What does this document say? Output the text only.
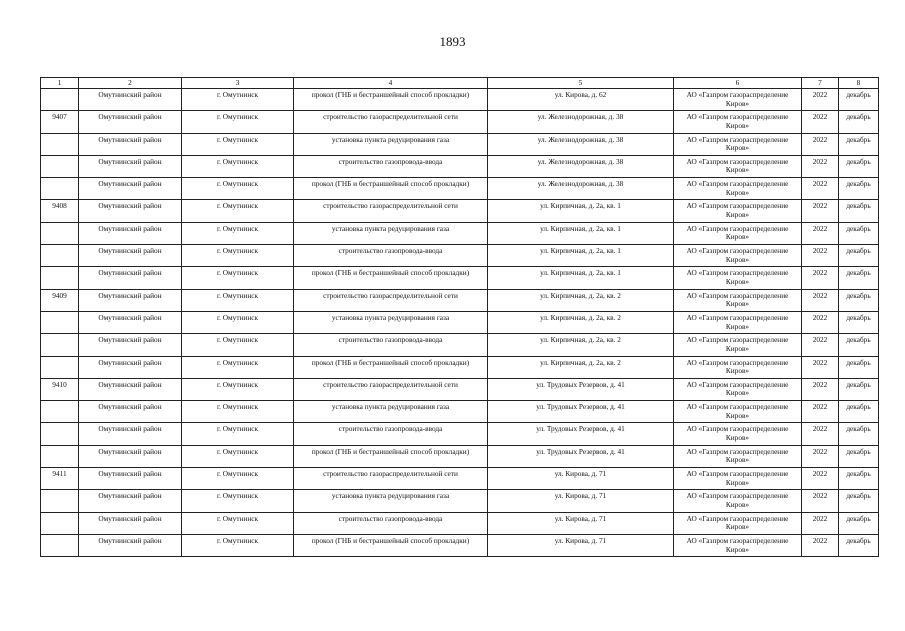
1893
1	2	3	4	5	6	7	8
	Омутнинский район	г. Омутнинск	прокол (ГНБ и бестраншейный способ прокладки)	ул. Кирова, д. 62	АО «Газпром газораспределение Киров»	2022	декабрь
9407	Омутнинский район	г. Омутнинск	строительство газораспределительной сети	ул. Железнодорожная, д. 38	АО «Газпром газораспределение Киров»	2022	декабрь
	Омутнинский район	г. Омутнинск	установка пункта редуцирования газа	ул. Железнодорожная, д. 38	АО «Газпром газораспределение Киров»	2022	декабрь
	Омутнинский район	г. Омутнинск	строительство газопровода-ввода	ул. Железнодорожная, д. 38	АО «Газпром газораспределение Киров»	2022	декабрь
	Омутнинский район	г. Омутнинск	прокол (ГНБ и бестраншейный способ прокладки)	ул. Железнодорожная, д. 38	АО «Газпром газораспределение Киров»	2022	декабрь
9408	Омутнинский район	г. Омутнинск	строительство газораспределительной сети	ул. Кирпичная, д. 2а, кв. 1	АО «Газпром газораспределение Киров»	2022	декабрь
	Омутнинский район	г. Омутнинск	установка пункта редуцирования газа	ул. Кирпичная, д. 2а, кв. 1	АО «Газпром газораспределение Киров»	2022	декабрь
	Омутнинский район	г. Омутнинск	строительство газопровода-ввода	ул. Кирпичная, д. 2а, кв. 1	АО «Газпром газораспределение Киров»	2022	декабрь
	Омутнинский район	г. Омутнинск	прокол (ГНБ и бестраншейный способ прокладки)	ул. Кирпичная, д. 2а, кв. 1	АО «Газпром газораспределение Киров»	2022	декабрь
9409	Омутнинский район	г. Омутнинск	строительство газораспределительной сети	ул. Кирпичная, д. 2а, кв. 2	АО «Газпром газораспределение Киров»	2022	декабрь
	Омутнинский район	г. Омутнинск	установка пункта редуцирования газа	ул. Кирпичная, д. 2а, кв. 2	АО «Газпром газораспределение Киров»	2022	декабрь
	Омутнинский район	г. Омутнинск	строительство газопровода-ввода	ул. Кирпичная, д. 2а, кв. 2	АО «Газпром газораспределение Киров»	2022	декабрь
	Омутнинский район	г. Омутнинск	прокол (ГНБ и бестраншейный способ прокладки)	ул. Кирпичная, д. 2а, кв. 2	АО «Газпром газораспределение Киров»	2022	декабрь
9410	Омутнинский район	г. Омутнинск	строительство газораспределительной сети	ул. Трудовых Резервов, д. 41	АО «Газпром газораспределение Киров»	2022	декабрь
	Омутнинский район	г. Омутнинск	установка пункта редуцирования газа	ул. Трудовых Резервов, д. 41	АО «Газпром газораспределение Киров»	2022	декабрь
	Омутнинский район	г. Омутнинск	строительство газопровода-ввода	ул. Трудовых Резервов, д. 41	АО «Газпром газораспределение Киров»	2022	декабрь
	Омутнинский район	г. Омутнинск	прокол (ГНБ и бестраншейный способ прокладки)	ул. Трудовых Резервов, д. 41	АО «Газпром газораспределение Киров»	2022	декабрь
9411	Омутнинский район	г. Омутнинск	строительство газораспределительной сети	ул. Кирова, д. 71	АО «Газпром газораспределение Киров»	2022	декабрь
	Омутнинский район	г. Омутнинск	установка пункта редуцирования газа	ул. Кирова, д. 71	АО «Газпром газораспределение Киров»	2022	декабрь
	Омутнинский район	г. Омутнинск	строительство газопровода-ввода	ул. Кирова, д. 71	АО «Газпром газораспределение Киров»	2022	декабрь
	Омутнинский район	г. Омутнинск	прокол (ГНБ и бестраншейный способ прокладки)	ул. Кирова, д. 71	АО «Газпром газораспределение Киров»	2022	декабрь
